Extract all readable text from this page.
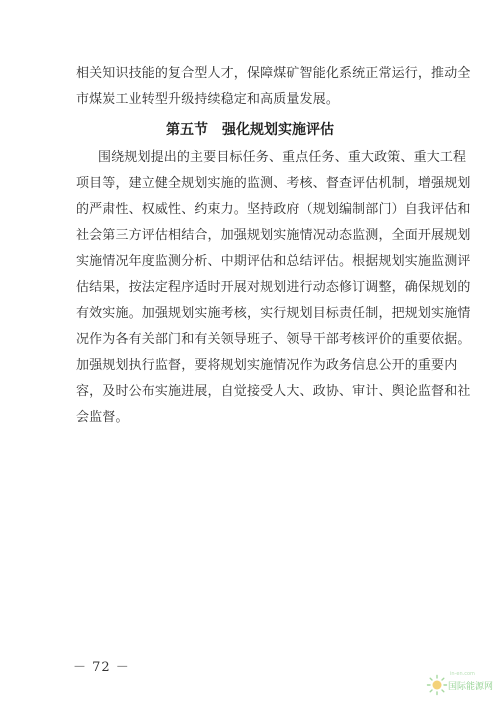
相关知识技能的复合型人才，保障煤矿智能化系统正常运行，推动全
市煤炭工业转型升级持续稳定和高质量发展。
第五节 强化规划实施评估
围绕规划提出的主要目标任务、重点任务、重大政策、重大工程
项目等，建立健全规划实施的监测、考核、督查评估机制，增强规划
的严肃性、权威性、约束力。坚持政府（规划编制部门）自我评估和
社会第三方评估相结合，加强规划实施情况动态监测，全面开展规划
实施情况年度监测分析、中期评估和总结评估。根据规划实施监测评
估结果，按法定程序适时开展对规划进行动态修订调整，确保规划的
有效实施。加强规划实施考核，实行规划目标责任制，把规划实施情
况作为各有关部门和有关领导班子、领导干部考核评价的重要依据。
加强规划执行监督，要将规划实施情况作为政务信息公开的重要内
容，及时公布实施进展，自觉接受人大、政协、审计、舆论监督和社
会监督。
－ 72 －	in-en.com
国际能源网
